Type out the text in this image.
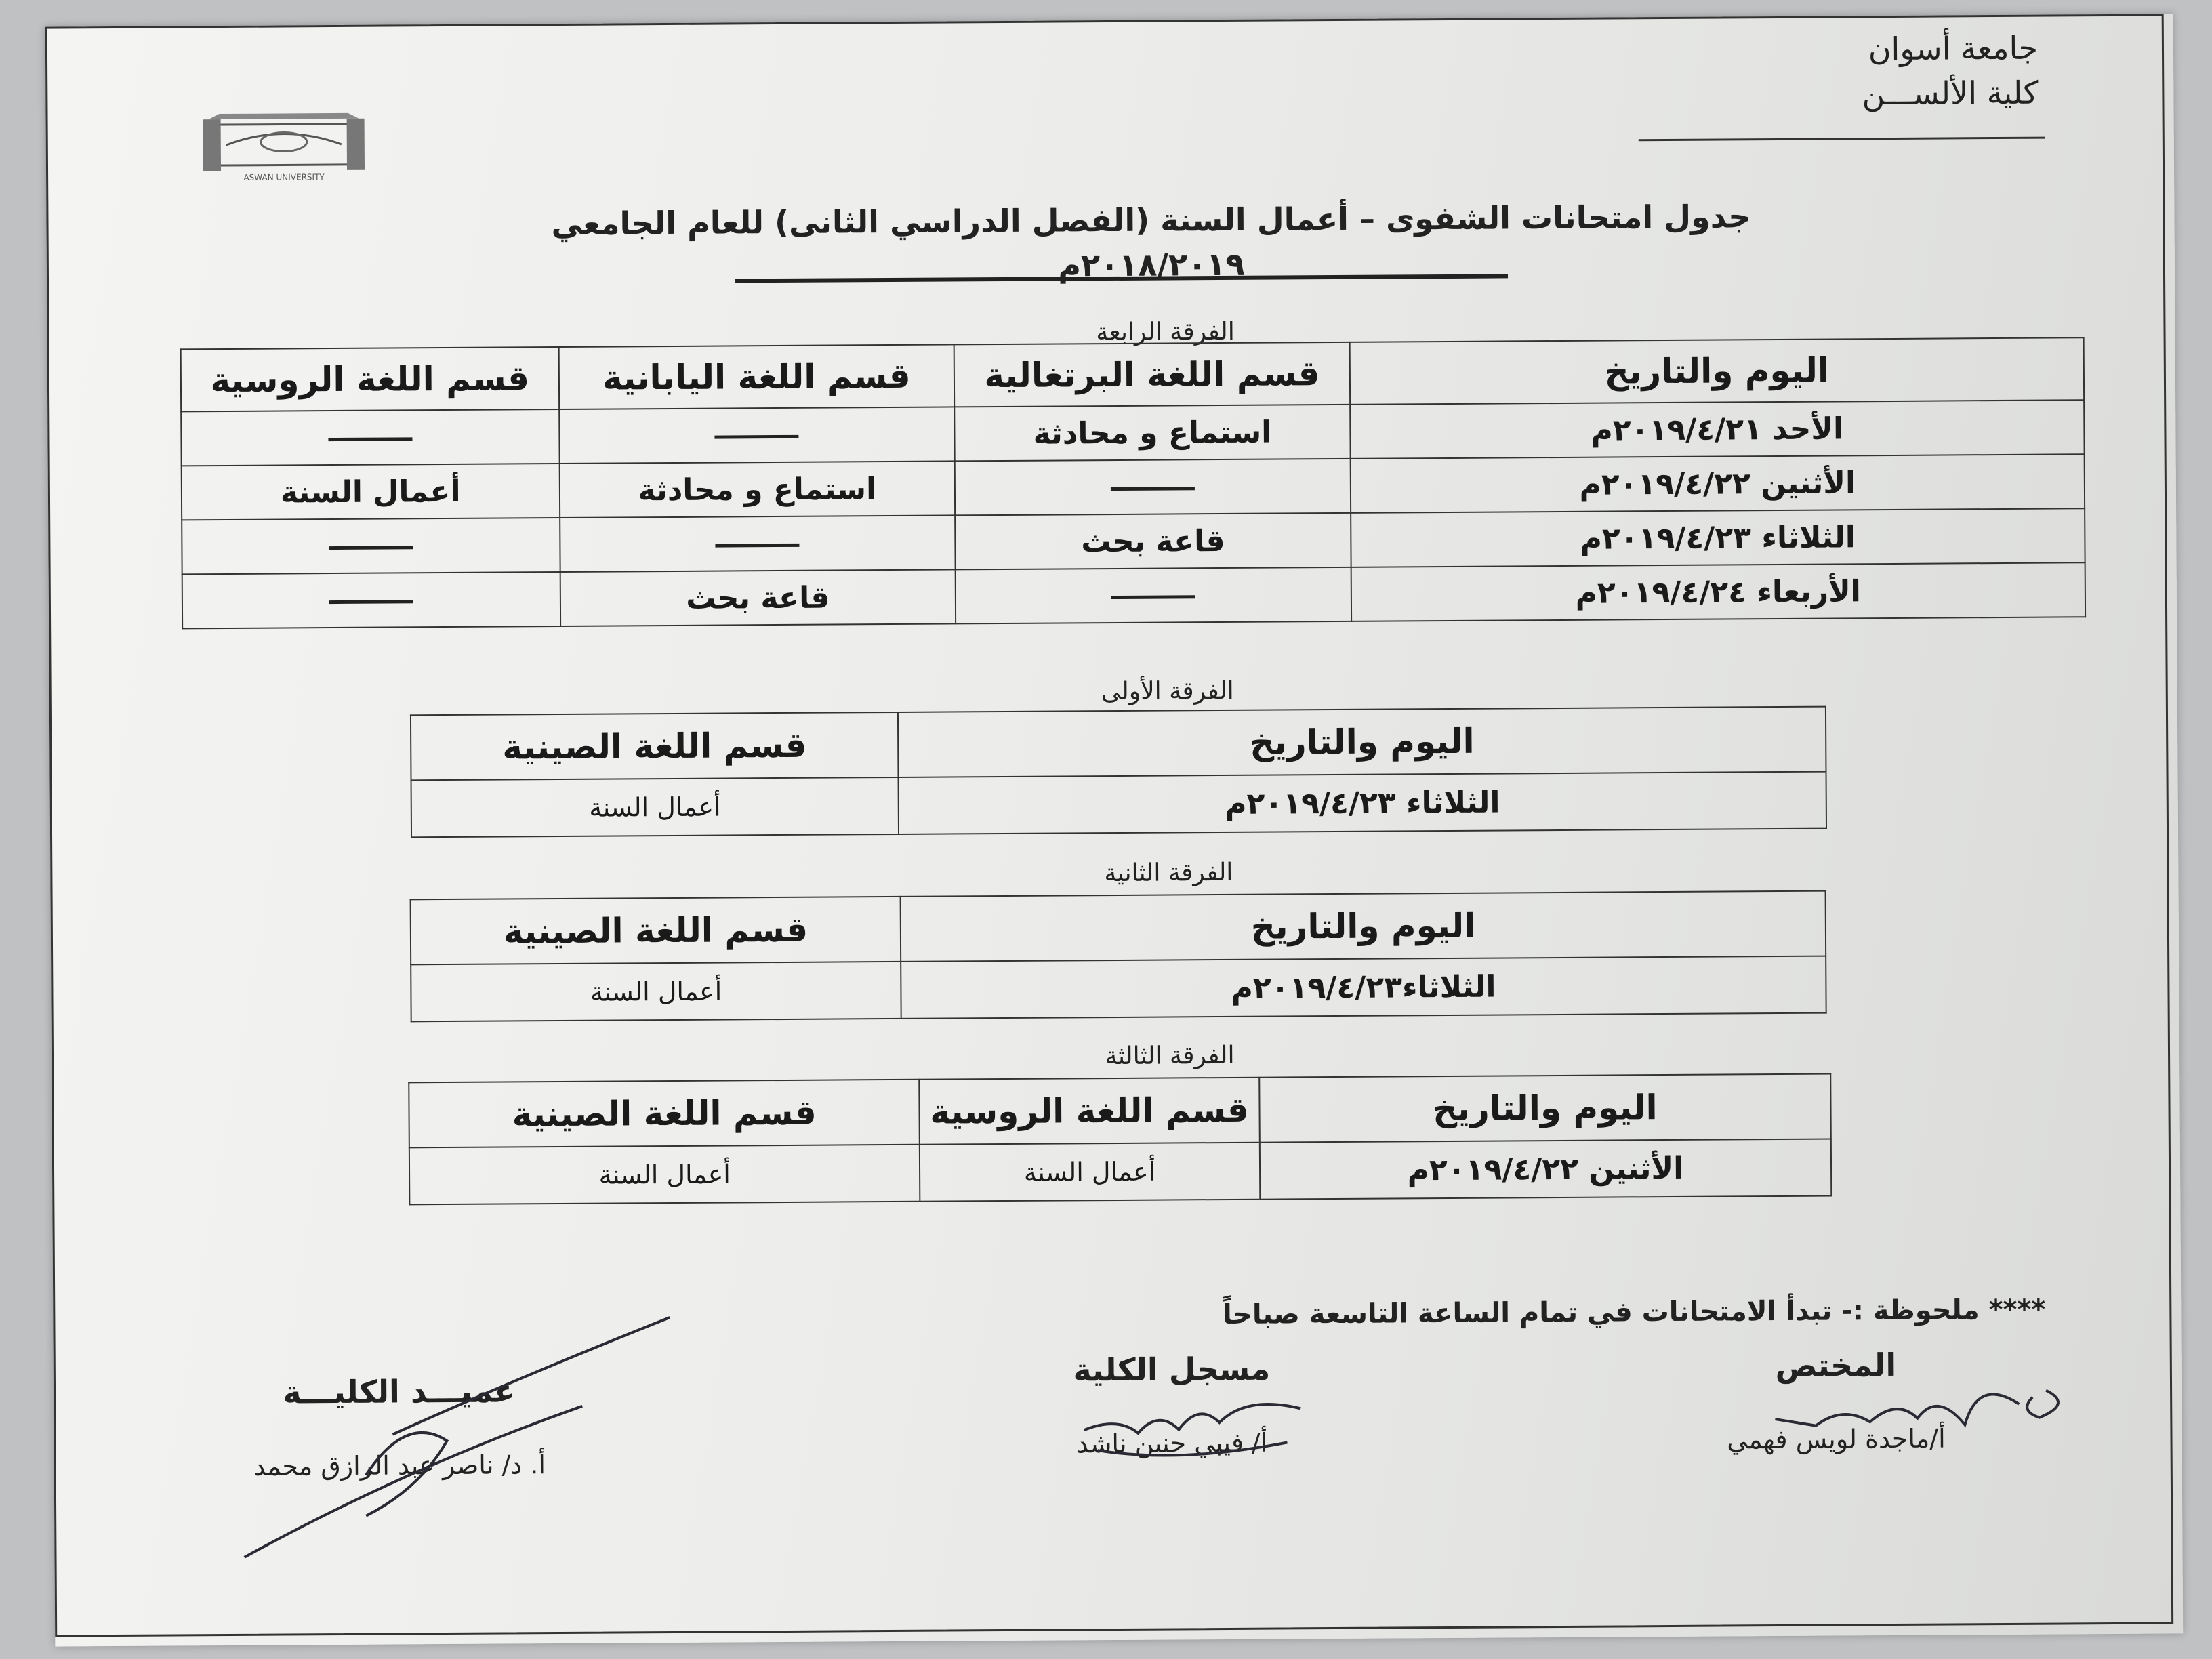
جامعة أسوان
كلية الألســـن
ASWAN UNIVERSITY
جدول امتحانات الشفوى – أعمال السنة (الفصل الدراسي الثانى) للعام الجامعي ٢٠١٨/٢٠١٩م
الفرقة الرابعة
اليوم والتاريخ	قسم اللغة البرتغالية	قسم اللغة اليابانية	قسم اللغة الروسية
الأحد ٢٠١٩/٤/٢١م	استماع و محادثة		
الأثنين ٢٠١٩/٤/٢٢م		استماع و محادثة	أعمال السنة
الثلاثاء ٢٠١٩/٤/٢٣م	قاعة بحث		
الأربعاء ٢٠١٩/٤/٢٤م		قاعة بحث	
الفرقة الأولى
اليوم والتاريخ	قسم اللغة الصينية
الثلاثاء ٢٠١٩/٤/٢٣م	أعمال السنة
الفرقة الثانية
اليوم والتاريخ	قسم اللغة الصينية
الثلاثاء٢٠١٩/٤/٢٣م	أعمال السنة
الفرقة الثالثة
اليوم والتاريخ	قسم اللغة الروسية	قسم اللغة الصينية
الأثنين ٢٠١٩/٤/٢٢م	أعمال السنة	أعمال السنة
**** ملحوظة :- تبدأ الامتحانات في تمام الساعة التاسعة صباحاً
المختص
أ/ماجدة لويس فهمي
مسجل الكلية
أ/ فيبي حنين ناشد
عميـــد الكليـــة
أ. د/ ناصر عبد الرازق محمد
